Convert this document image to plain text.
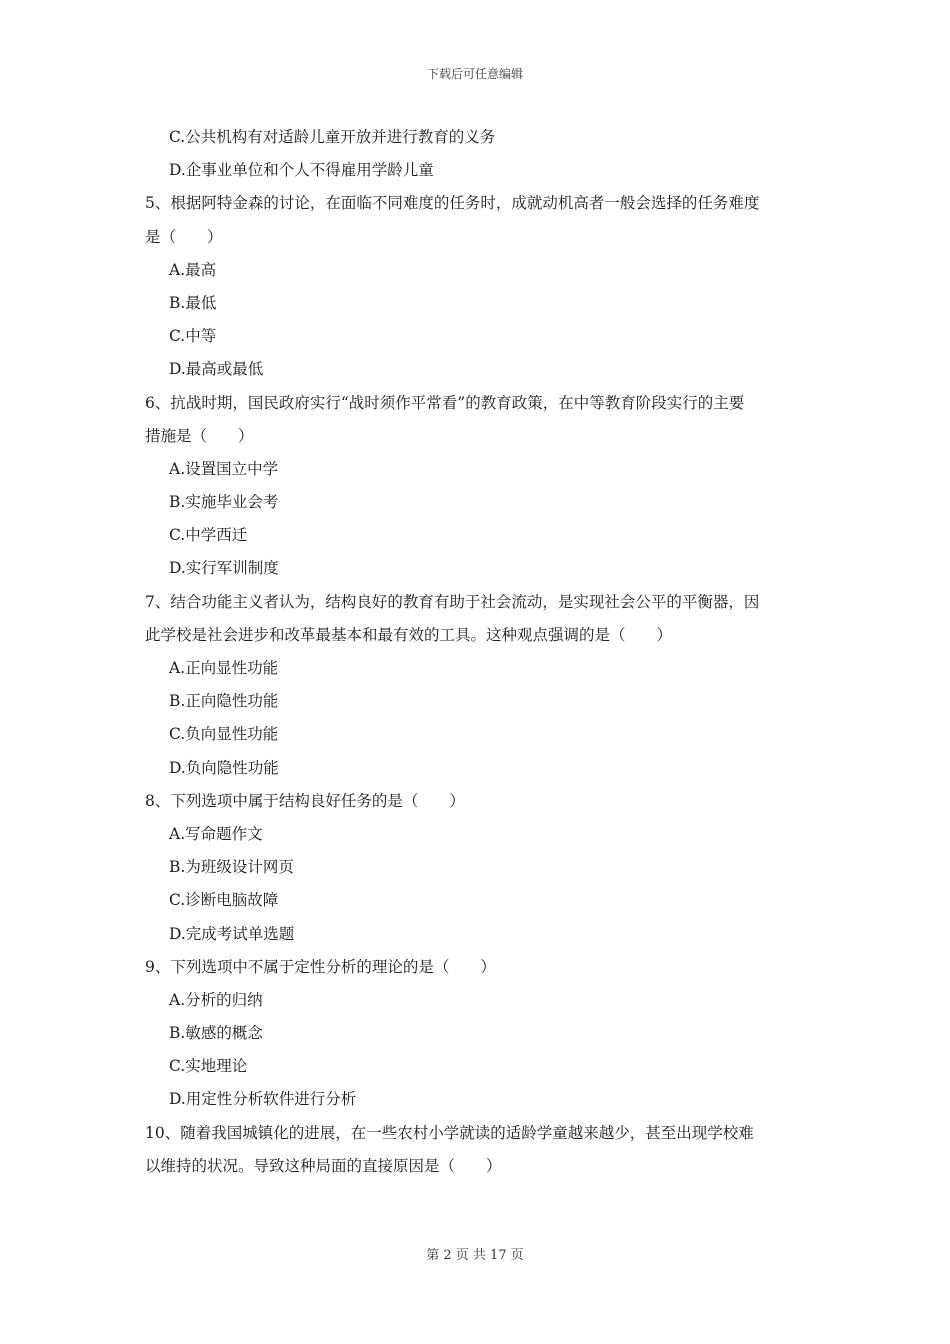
下载后可任意编辑
C.公共机构有对适龄儿童开放并进行教育的义务
D.企事业单位和个人不得雇用学龄儿童
5、根据阿特金森的讨论，在面临不同难度的任务时，成就动机高者一般会选择的任务难度
是（　　）
A.最高
B.最低
C.中等
D.最高或最低
6、抗战时期，国民政府实行“战时须作平常看”的教育政策，在中等教育阶段实行的主要
措施是（　　）
A.设置国立中学
B.实施毕业会考
C.中学西迁
D.实行军训制度
7、结合功能主义者认为，结构良好的教育有助于社会流动，是实现社会公平的平衡器，因
此学校是社会进步和改革最基本和最有效的工具。这种观点强调的是（　　）
A.正向显性功能
B.正向隐性功能
C.负向显性功能
D.负向隐性功能
8、下列选项中属于结构良好任务的是（　　）
A.写命题作文
B.为班级设计网页
C.诊断电脑故障
D.完成考试单选题
9、下列选项中不属于定性分析的理论的是（　　）
A.分析的归纳
B.敏感的概念
C.实地理论
D.用定性分析软件进行分析
10、随着我国城镇化的进展，在一些农村小学就读的适龄学童越来越少，甚至出现学校难
以维持的状况。导致这种局面的直接原因是（　　）
第 2 页 共 17 页
